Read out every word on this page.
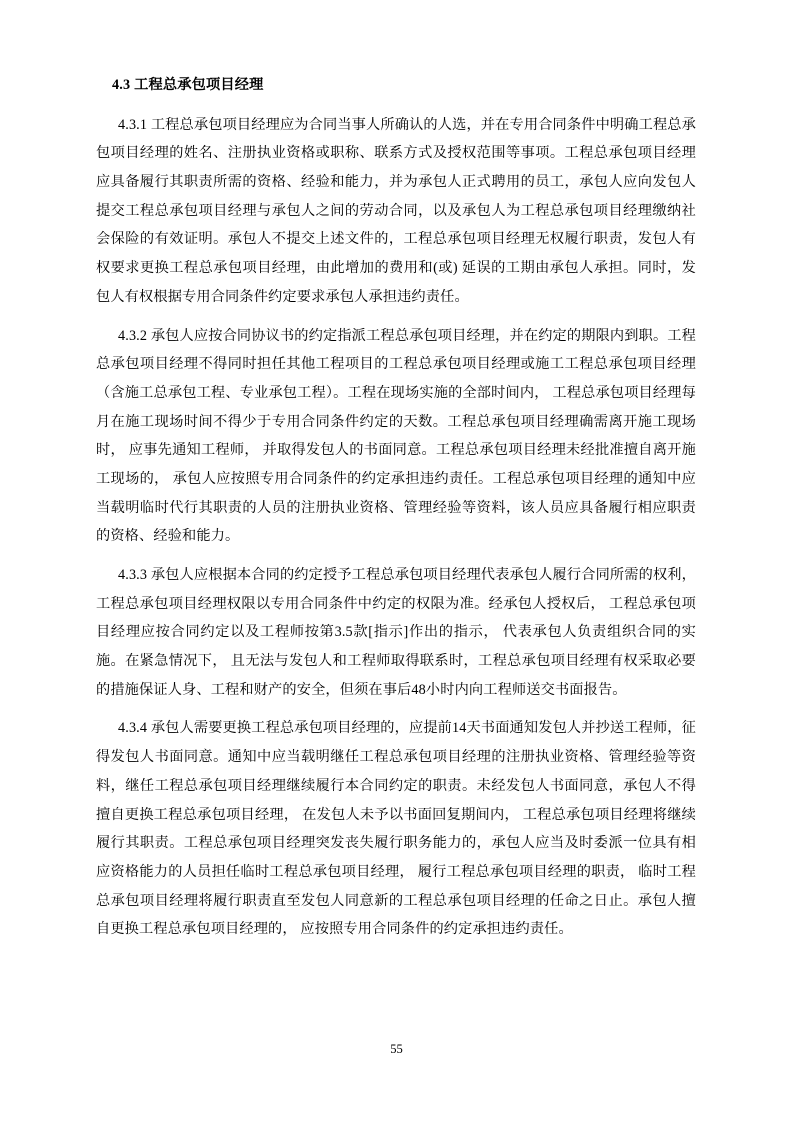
4.3 工程总承包项目经理

4.3.1 工程总承包项目经理应为合同当事人所确认的人选，并在专用合同条件中明确工程总承包项目经理的姓名、注册执业资格或职称、联系方式及授权范围等事项。工程总承包项目经理应具备履行其职责所需的资格、经验和能力，并为承包人正式聘用的员工，承包人应向发包人提交工程总承包项目经理与承包人之间的劳动合同，以及承包人为工程总承包项目经理缴纳社会保险的有效证明。承包人不提交上述文件的，工程总承包项目经理无权履行职责，发包人有权要求更换工程总承包项目经理，由此增加的费用和(或) 延误的工期由承包人承担。同时，发包人有权根据专用合同条件约定要求承包人承担违约责任。

4.3.2 承包人应按合同协议书的约定指派工程总承包项目经理，并在约定的期限内到职。工程总承包项目经理不得同时担任其他工程项目的工程总承包项目经理或施工工程总承包项目经理（含施工总承包工程、专业承包工程）。工程在现场实施的全部时间内， 工程总承包项目经理每月在施工现场时间不得少于专用合同条件约定的天数。工程总承包项目经理确需离开施工现场时， 应事先通知工程师， 并取得发包人的书面同意。工程总承包项目经理未经批准擅自离开施工现场的， 承包人应按照专用合同条件的约定承担违约责任。工程总承包项目经理的通知中应当载明临时代行其职责的人员的注册执业资格、管理经验等资料，该人员应具备履行相应职责的资格、经验和能力。

4.3.3 承包人应根据本合同的约定授予工程总承包项目经理代表承包人履行合同所需的权利，工程总承包项目经理权限以专用合同条件中约定的权限为准。经承包人授权后， 工程总承包项目经理应按合同约定以及工程师按第3.5款[指示]作出的指示， 代表承包人负责组织合同的实施。在紧急情况下， 且无法与发包人和工程师取得联系时，工程总承包项目经理有权采取必要的措施保证人身、工程和财产的安全，但须在事后48小时内向工程师送交书面报告。

4.3.4 承包人需要更换工程总承包项目经理的，应提前14天书面通知发包人并抄送工程师，征得发包人书面同意。通知中应当载明继任工程总承包项目经理的注册执业资格、管理经验等资料，继任工程总承包项目经理继续履行本合同约定的职责。未经发包人书面同意，承包人不得擅自更换工程总承包项目经理， 在发包人未予以书面回复期间内， 工程总承包项目经理将继续履行其职责。工程总承包项目经理突发丧失履行职务能力的，承包人应当及时委派一位具有相应资格能力的人员担任临时工程总承包项目经理， 履行工程总承包项目经理的职责， 临时工程总承包项目经理将履行职责直至发包人同意新的工程总承包项目经理的任命之日止。承包人擅自更换工程总承包项目经理的， 应按照专用合同条件的约定承担违约责任。

55
